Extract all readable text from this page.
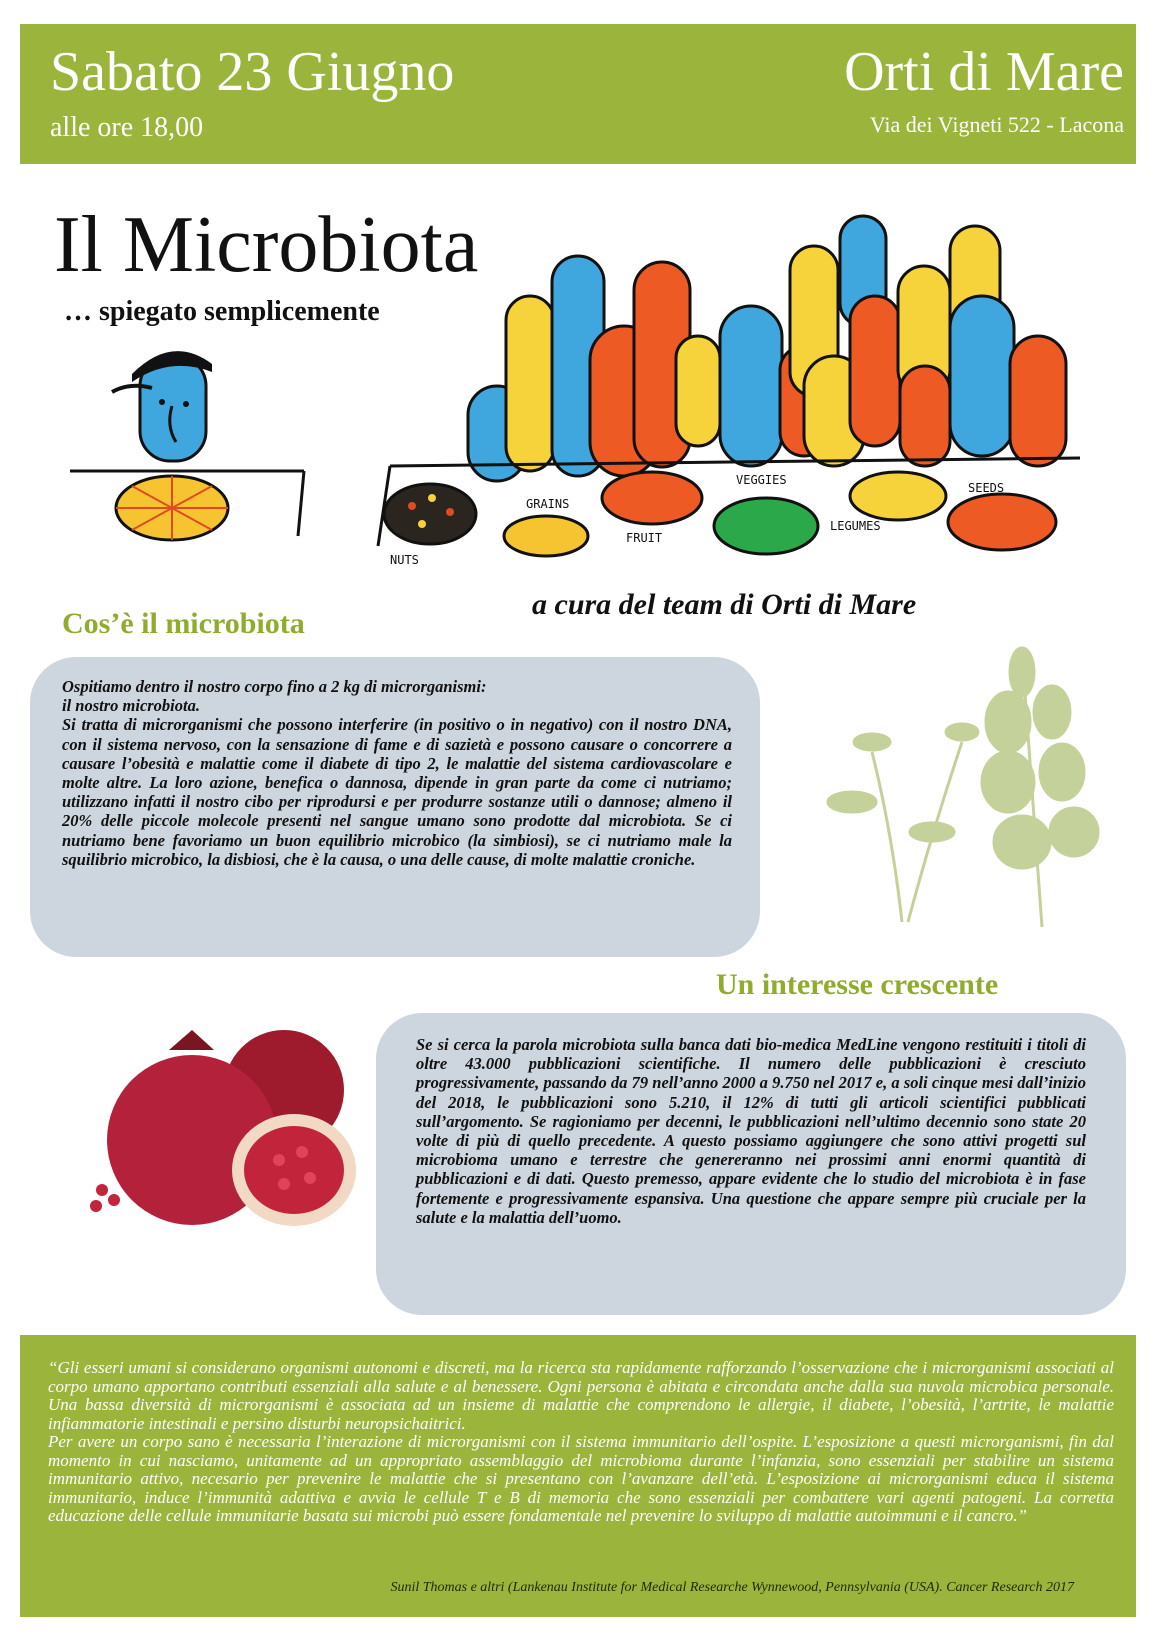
Sabato 23 Giugno
alle ore 18,00
Orti di Mare
Via dei Vigneti 522 - Lacona
NUTS
GRAINS
FRUIT
VEGGIES
LEGUMES
SEEDS
Il Microbiota
… spiegato semplicemente
a cura del team di Orti di Mare
Cos’è il microbiota

Ospitiamo dentro il nostro corpo fino a 2 kg di microrganismi:

il nostro microbiota.

Si tratta di microrganismi che possono interferire (in positivo o in negativo) con il nostro DNA, con il sistema nervoso, con la sensazione di fame e di sazietà e possono causare o concorrere a causare l’obesità e malattie come il diabete di tipo 2, le malattie del sistema cardiovascolare e molte altre. La loro azione, benefica o dannosa, dipende in gran parte da come ci nutriamo; utilizzano infatti il nostro cibo per riprodursi e per produrre sostanze utili o dannose; almeno il 20% delle piccole molecole presenti nel sangue umano sono prodotte dal microbiota. Se ci nutriamo bene favoriamo un buon equilibrio microbico (la simbiosi), se ci nutriamo male la squilibrio microbico, la disbiosi, che è la causa, o una delle cause, di molte malattie croniche.

Un interesse crescente

Se si cerca la parola microbiota sulla banca dati bio-medica MedLine vengono restituiti i titoli di oltre 43.000 pubblicazioni scientifiche. Il numero delle pubblicazioni è cresciuto progressivamente, passando da 79 nell’anno 2000 a 9.750 nel 2017 e, a soli cinque mesi dall’inizio del 2018, le pubblicazioni sono 5.210, il 12% di tutti gli articoli scientifici pubblicati sull’argomento. Se ragioniamo per decenni, le pubblicazioni nell’ultimo decennio sono state 20 volte di più di quello precedente. A questo possiamo aggiungere che sono attivi progetti sul microbioma umano e terrestre che genereranno nei prossimi anni enormi quantità di pubblicazioni e di dati. Questo premesso, appare evidente che lo studio del microbiota è in fase fortemente e progressivamente espansiva. Una questione che appare sempre più cruciale per la salute e la malattia dell’uomo.

“Gli esseri umani si considerano organismi autonomi e discreti, ma la ricerca sta rapidamente rafforzando l’osservazione che i microrganismi associati al corpo umano apportano contributi essenziali alla salute e al benessere. Ogni persona è abitata e circondata anche dalla sua nuvola microbica personale. Una bassa diversità di microrganismi è associata ad un insieme di malattie che comprendono le allergie, il diabete, l’obesità, l’artrite, le malattie infiammatorie intestinali e persino disturbi neuropsichaitrici.

Per avere un corpo sano è necessaria l’interazione di microrganismi con il sistema immunitario dell’ospite. L’esposizione a questi microrganismi, fin dal momento in cui nasciamo, unitamente ad un appropriato assemblaggio del microbioma durante l’infanzia, sono essenziali per stabilire un sistema immunitario attivo, necesario per prevenire le malattie che si presentano con l’avanzare dell’età. L’esposizione ai microrganismi educa il sistema immunitario, induce l’immunità adattiva e avvia le cellule T e B di memoria che sono essenziali per combattere vari agenti patogeni. La corretta educazione delle cellule immunitarie basata sui microbi può essere fondamentale nel prevenire lo sviluppo di malattie autoimmuni e il cancro.”

Sunil Thomas e altri (Lankenau Institute for Medical Researche Wynnewood, Pennsylvania (USA). Cancer Research 2017
